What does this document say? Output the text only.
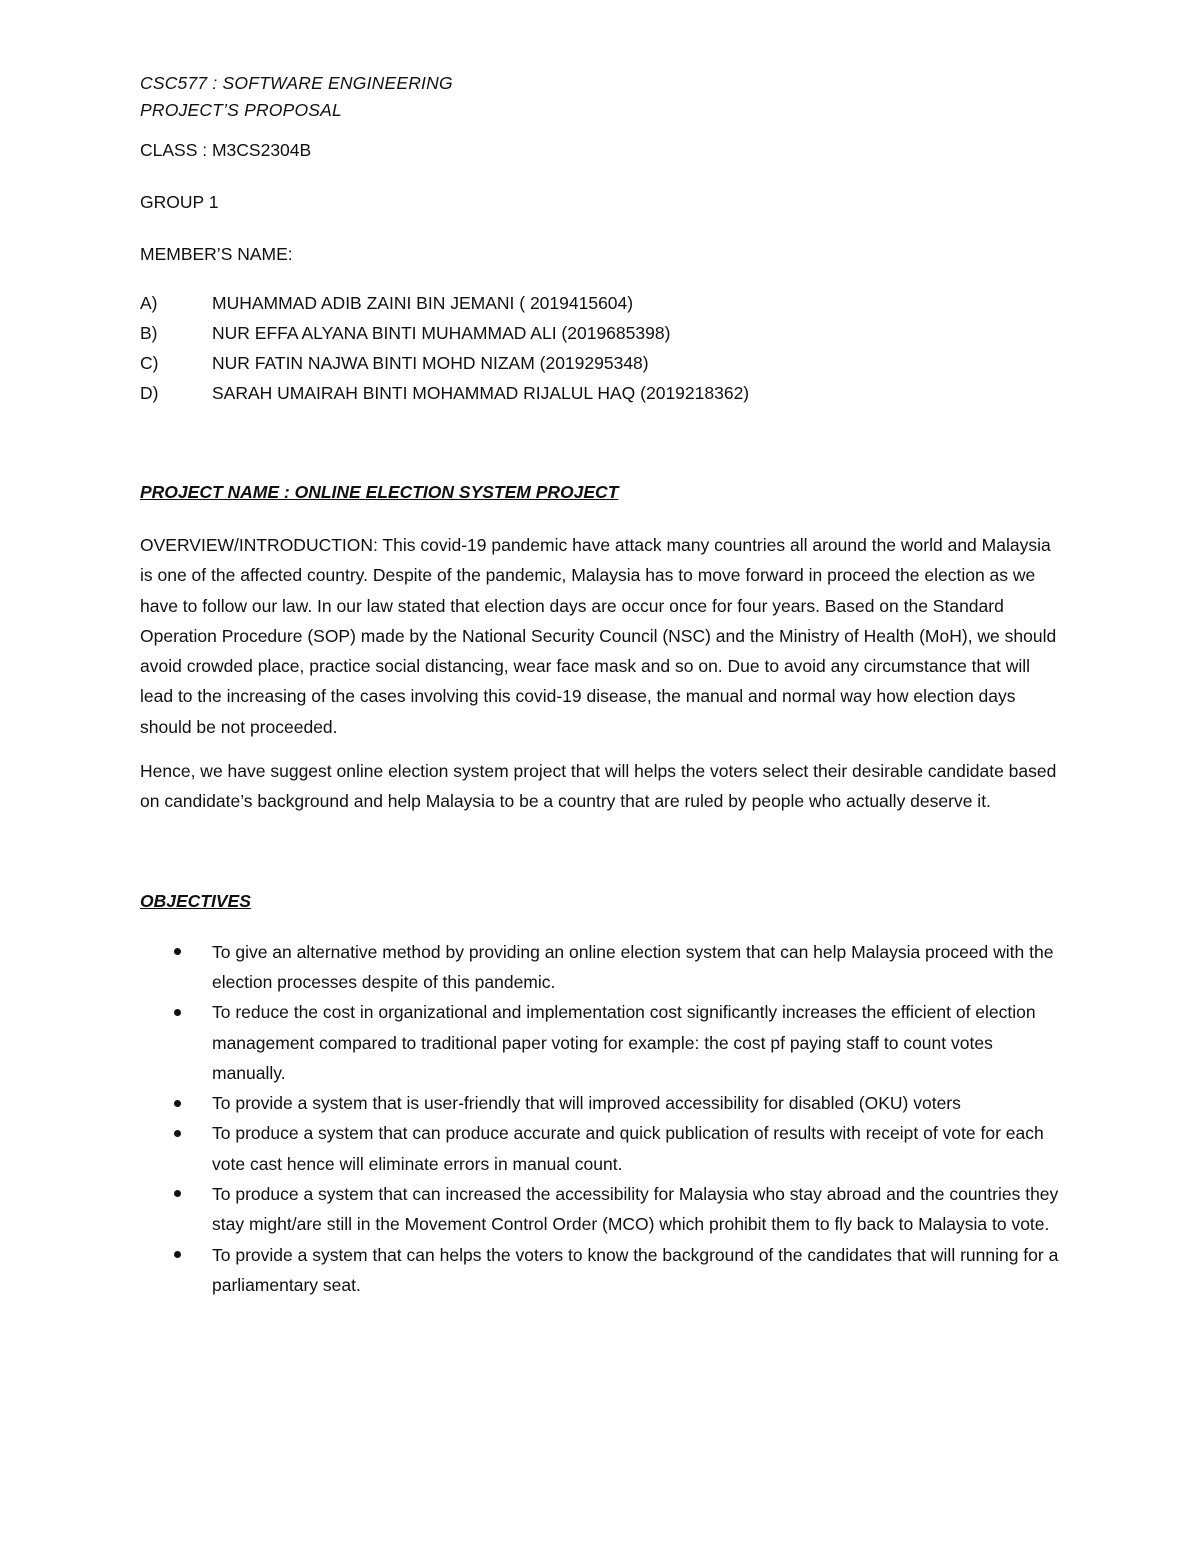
CSC577 : SOFTWARE ENGINEERING

PROJECT’S PROPOSAL

CLASS : M3CS2304B

GROUP 1

MEMBER’S NAME:

A)	MUHAMMAD ADIB ZAINI BIN JEMANI ( 2019415604)
B)	NUR EFFA ALYANA BINTI MUHAMMAD ALI (2019685398)
C)	NUR FATIN NAJWA BINTI MOHD NIZAM (2019295348)
D)	SARAH UMAIRAH BINTI MOHAMMAD RIJALUL HAQ (2019218362)

PROJECT NAME : ONLINE ELECTION SYSTEM PROJECT

OVERVIEW/INTRODUCTION: This covid-19 pandemic have attack many countries all around the world and Malaysia is one of the affected country. Despite of the pandemic, Malaysia has to move forward in proceed the election as we have to follow our law. In our law stated that election days are occur once for four years. Based on the Standard Operation Procedure (SOP) made by the National Security Council (NSC) and the Ministry of Health (MoH), we should avoid crowded place, practice social distancing, wear face mask and so on. Due to avoid any circumstance that will lead to the increasing of the cases involving this covid-19 disease, the manual and normal way how election days should be not proceeded.

Hence, we have suggest online election system project that will helps the voters select their desirable candidate based on candidate’s background and help Malaysia to be a country that are ruled by people who actually deserve it.

OBJECTIVES

To give an alternative method by providing an online election system that can help Malaysia proceed with the election processes despite of this pandemic.
To reduce the cost in organizational and implementation cost significantly increases the efficient of election management compared to traditional paper voting for example: the cost pf paying staff to count votes manually.
To provide a system that is user-friendly that will improved accessibility for disabled (OKU) voters
To produce a system that can produce accurate and quick publication of results with receipt of vote for each vote cast hence will eliminate errors in manual count.
To produce a system that can increased the accessibility for Malaysia who stay abroad and the countries they stay might/are still in the Movement Control Order (MCO) which prohibit them to fly back to Malaysia to vote.
To provide a system that can helps the voters to know the background of the candidates that will running for a parliamentary seat.
